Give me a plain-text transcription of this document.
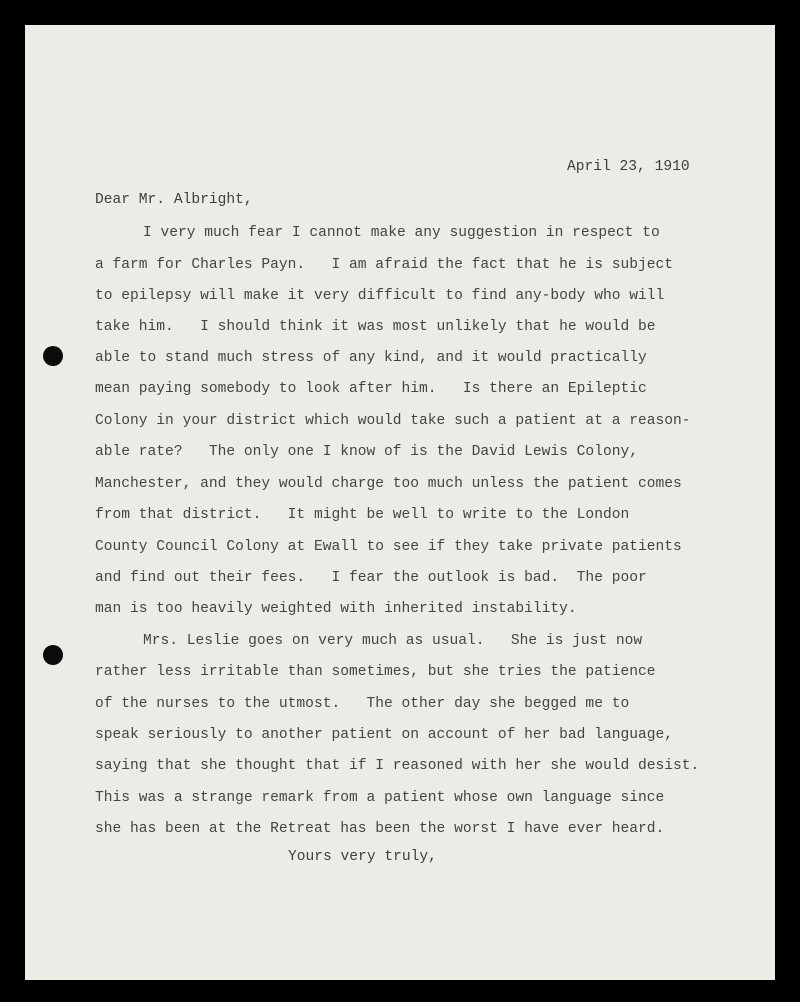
April 23, 1910
Dear Mr. Albright,
I very much fear I cannot make any suggestion in respect to
a farm for Charles Payn.   I am afraid the fact that he is subject
to epilepsy will make it very difficult to find any-body who will
take him.   I should think it was most unlikely that he would be
able to stand much stress of any kind, and it would practically
mean paying somebody to look after him.   Is there an Epileptic
Colony in your district which would take such a patient at a reason-
able rate?   The only one I know of is the David Lewis Colony,
Manchester, and they would charge too much unless the patient comes
from that district.   It might be well to write to the London
County Council Colony at Ewall to see if they take private patients
and find out their fees.   I fear the outlook is bad.  The poor
man is too heavily weighted with inherited instability.
Mrs. Leslie goes on very much as usual.   She is just now
rather less irritable than sometimes, but she tries the patience
of the nurses to the utmost.   The other day she begged me to
speak seriously to another patient on account of her bad language,
saying that she thought that if I reasoned with her she would desist.
This was a strange remark from a patient whose own language since
she has been at the Retreat has been the worst I have ever heard.
Yours very truly,
